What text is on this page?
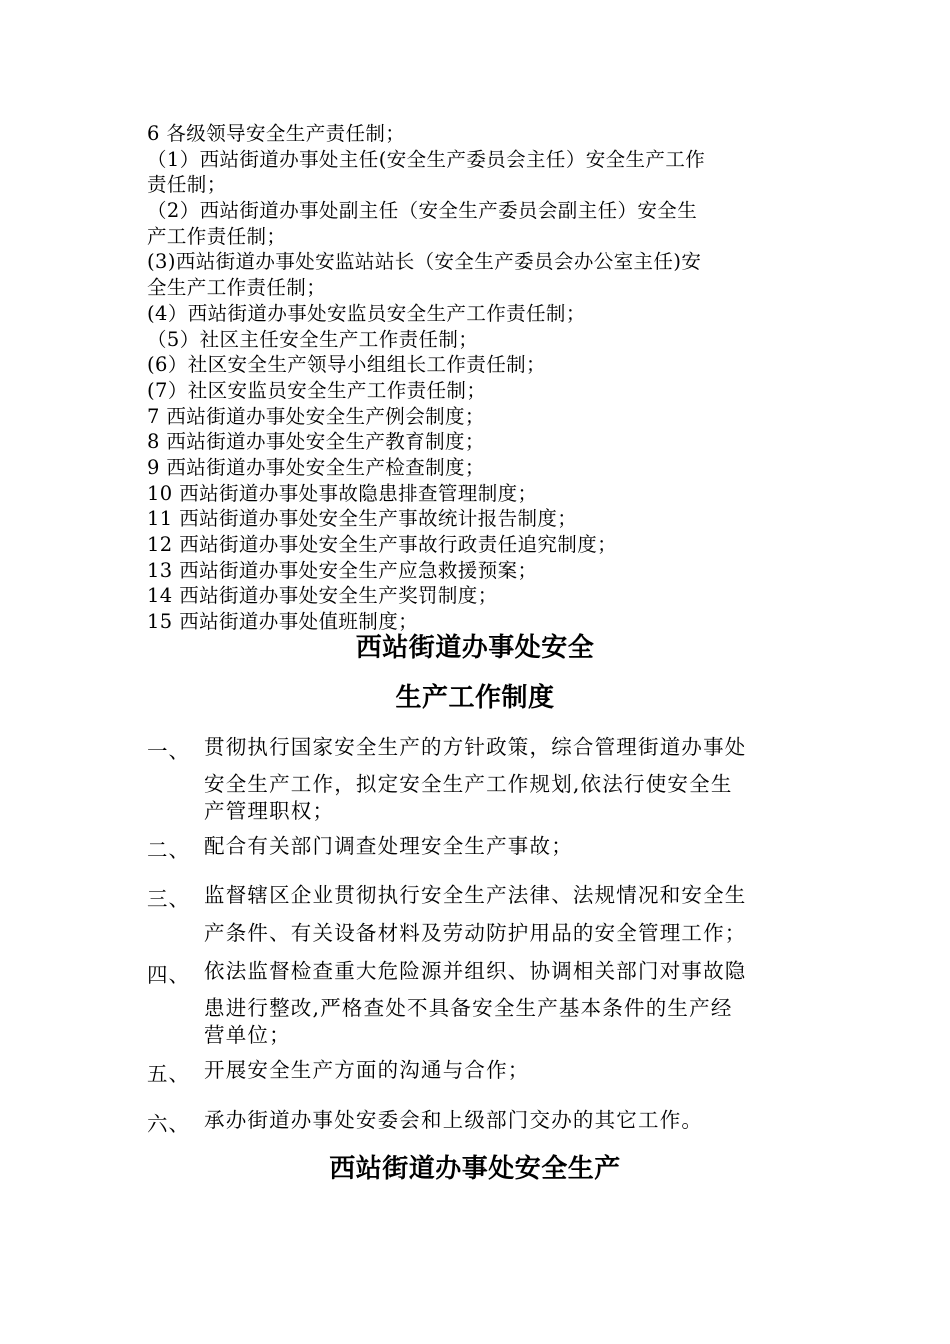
6 各级领导安全生产责任制；
（1）西站街道办事处主任(安全生产委员会主任）安全生产工作
责任制；
（2）西站街道办事处副主任（安全生产委员会副主任）安全生
产工作责任制；
(3)西站街道办事处安监站站长（安全生产委员会办公室主任)安
全生产工作责任制；
(4）西站街道办事处安监员安全生产工作责任制；
（5）社区主任安全生产工作责任制；
(6）社区安全生产领导小组组长工作责任制；
(7）社区安监员安全生产工作责任制；
7 西站街道办事处安全生产例会制度；
8 西站街道办事处安全生产教育制度；
9 西站街道办事处安全生产检查制度；
10 西站街道办事处事故隐患排查管理制度；
11 西站街道办事处安全生产事故统计报告制度；
12 西站街道办事处安全生产事故行政责任追究制度；
13 西站街道办事处安全生产应急救援预案；
14 西站街道办事处安全生产奖罚制度；
15 西站街道办事处值班制度；
西站街道办事处安全
生产工作制度
一、 贯彻执行国家安全生产的方针政策，综合管理街道办事处
安全生产工作，拟定安全生产工作规划,依法行使安全生
产管理职权；
二、 配合有关部门调查处理安全生产事故；
三、 监督辖区企业贯彻执行安全生产法律、法规情况和安全生
产条件、有关设备材料及劳动防护用品的安全管理工作；
四、 依法监督检查重大危险源并组织、协调相关部门对事故隐
患进行整改,严格查处不具备安全生产基本条件的生产经
营单位；
五、 开展安全生产方面的沟通与合作；
六、 承办街道办事处安委会和上级部门交办的其它工作。
西站街道办事处安全生产
